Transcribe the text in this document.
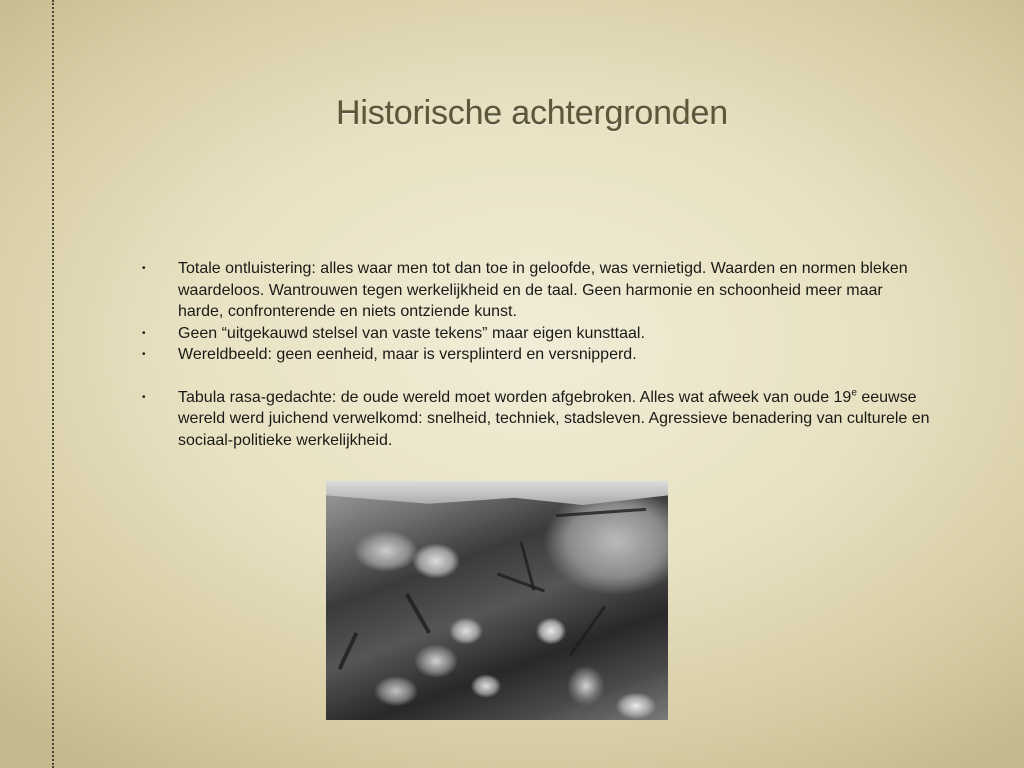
Historische achtergronden
• Totale ontluistering: alles waar men tot dan toe in geloofde, was vernietigd. Waarden en normen bleken waardeloos. Wantrouwen tegen werkelijkheid en de taal. Geen harmonie en schoonheid meer maar harde, confronterende en niets ontziende kunst.
• Geen “uitgekauwd stelsel van vaste tekens” maar eigen kunsttaal.
• Wereldbeeld: geen eenheid, maar is versplinterd en versnipperd.
• Tabula rasa-gedachte: de oude wereld moet worden afgebroken. Alles wat afweek van oude 19e eeuwse wereld werd juichend verwelkomd: snelheid, techniek, stadsleven. Agressieve benadering van culturele en sociaal-politieke werkelijkheid.
